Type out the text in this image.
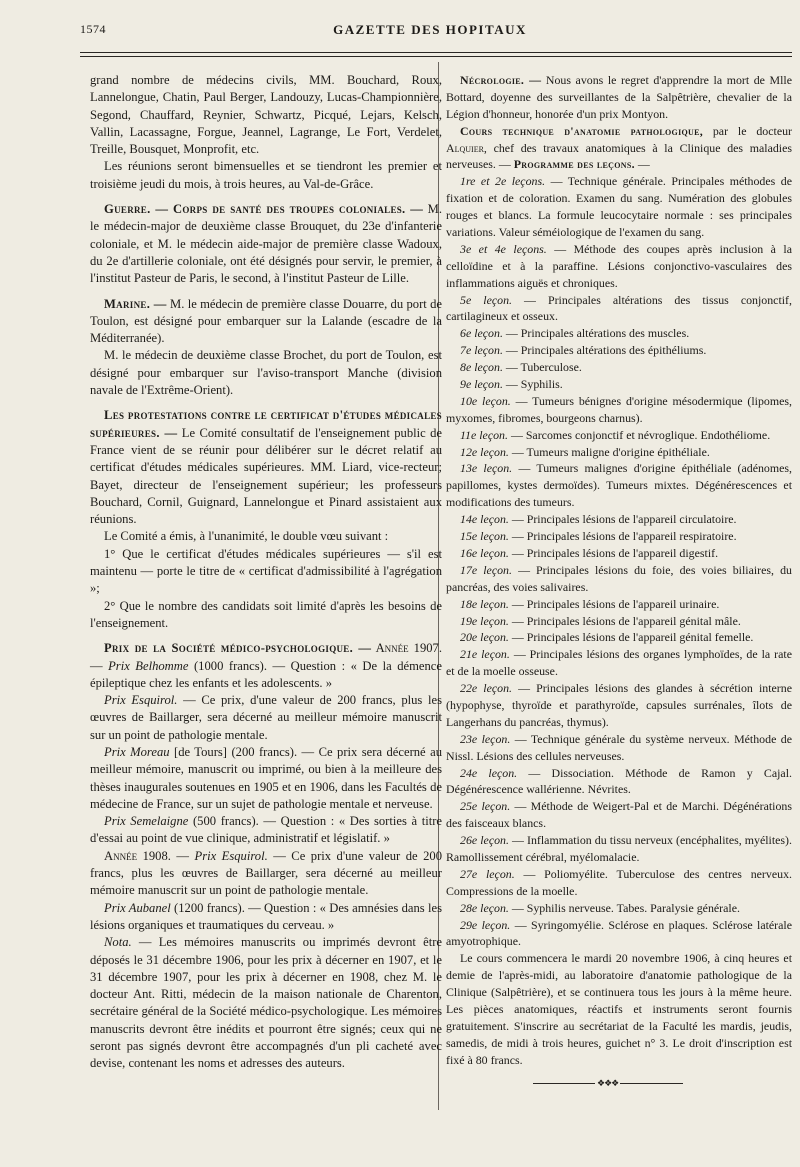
1574	GAZETTE DES HOPITAUX

grand nombre de médecins civils, MM. Bouchard, Roux, Lannelongue, Chatin, Paul Berger, Landouzy, Lucas-Championnière, Segond, Chauffard, Reynier, Schwartz, Picqué, Lejars, Kelsch, Vallin, Lacassagne, Forgue, Jeannel, Lagrange, Le Fort, Verdelet, Treille, Bousquet, Monprofit, etc.

Les réunions seront bimensuelles et se tiendront les premier et troisième jeudi du mois, à trois heures, au Val-de-Grâce.

Guerre. — Corps de santé des troupes coloniales. — M. le médecin-major de deuxième classe Brouquet, du 23e d'infanterie coloniale, et M. le médecin aide-major de première classe Wadoux, du 2e d'artillerie coloniale, ont été désignés pour servir, le premier, à l'institut Pasteur de Paris, le second, à l'institut Pasteur de Lille.

Marine. — M. le médecin de première classe Douarre, du port de Toulon, est désigné pour embarquer sur la Lalande (escadre de la Méditerranée).

M. le médecin de deuxième classe Brochet, du port de Toulon, est désigné pour embarquer sur l'aviso-transport Manche (division navale de l'Extrême-Orient).

Les protestations contre le certificat d'études médicales supérieures. — Le Comité consultatif de l'enseignement public de France vient de se réunir pour délibérer sur le décret relatif au certificat d'études médicales supérieures. MM. Liard, vice-recteur; Bayet, directeur de l'enseignement supérieur; les professeurs Bouchard, Cornil, Guignard, Lannelongue et Pinard assistaient aux réunions.

Le Comité a émis, à l'unanimité, le double vœu suivant :

1° Que le certificat d'études médicales supérieures — s'il est maintenu — porte le titre de « certificat d'admissibilité à l'agrégation »;

2° Que le nombre des candidats soit limité d'après les besoins de l'enseignement.

Prix de la Société médico-psychologique. — Année 1907. — Prix Belhomme (1000 francs). — Question : « De la démence épileptique chez les enfants et les adolescents. »

Prix Esquirol. — Ce prix, d'une valeur de 200 francs, plus les œuvres de Baillarger, sera décerné au meilleur mémoire manuscrit sur un point de pathologie mentale.

Prix Moreau [de Tours] (200 francs). — Ce prix sera décerné au meilleur mémoire, manuscrit ou imprimé, ou bien à la meilleure des thèses inaugurales soutenues en 1905 et en 1906, dans les Facultés de médecine de France, sur un sujet de pathologie mentale et nerveuse.

Prix Semelaigne (500 francs). — Question : « Des sorties à titre d'essai au point de vue clinique, administratif et législatif. »

Année 1908. — Prix Esquirol. — Ce prix d'une valeur de 200 francs, plus les œuvres de Baillarger, sera décerné au meilleur mémoire manuscrit sur un point de pathologie mentale.

Prix Aubanel (1200 francs). — Question : « Des amnésies dans les lésions organiques et traumatiques du cerveau. »

Nota. — Les mémoires manuscrits ou imprimés devront être déposés le 31 décembre 1906, pour les prix à décerner en 1907, et le 31 décembre 1907, pour les prix à décerner en 1908, chez M. le docteur Ant. Ritti, médecin de la maison nationale de Charenton, secrétaire général de la Société médico-psychologique. Les mémoires manuscrits devront être inédits et pourront être signés; ceux qui ne seront pas signés devront être accompagnés d'un pli cacheté avec devise, contenant les noms et adresses des auteurs.

Nécrologie. — Nous avons le regret d'apprendre la mort de Mlle Bottard, doyenne des surveillantes de la Salpêtrière, chevalier de la Légion d'honneur, honorée d'un prix Montyon.

Cours technique d'anatomie pathologique, par le docteur Alquier, chef des travaux anatomiques à la Clinique des maladies nerveuses. — Programme des leçons. —

1re et 2e leçons. — Technique générale. Principales méthodes de fixation et de coloration. Examen du sang. Numération des globules rouges et blancs. La formule leucocytaire normale : ses principales variations. Valeur séméiologique de l'examen du sang.

3e et 4e leçons. — Méthode des coupes après inclusion à la celloïdine et à la paraffine. Lésions conjonctivo-vasculaires des inflammations aiguës et chroniques.

5e leçon. — Principales altérations des tissus conjonctif, cartilagineux et osseux.

6e leçon. — Principales altérations des muscles.

7e leçon. — Principales altérations des épithéliums.

8e leçon. — Tuberculose.

9e leçon. — Syphilis.

10e leçon. — Tumeurs bénignes d'origine mésodermique (lipomes, myxomes, fibromes, bourgeons charnus).

11e leçon. — Sarcomes conjonctif et névroglique. Endothéliome.

12e leçon. — Tumeurs maligne d'origine épithéliale.

13e leçon. — Tumeurs malignes d'origine épithéliale (adénomes, papillomes, kystes dermoïdes). Tumeurs mixtes. Dégénérescences et modifications des tumeurs.

14e leçon. — Principales lésions de l'appareil circulatoire.

15e leçon. — Principales lésions de l'appareil respiratoire.

16e leçon. — Principales lésions de l'appareil digestif.

17e leçon. — Principales lésions du foie, des voies biliaires, du pancréas, des voies salivaires.

18e leçon. — Principales lésions de l'appareil urinaire.

19e leçon. — Principales lésions de l'appareil génital mâle.

20e leçon. — Principales lésions de l'appareil génital femelle.

21e leçon. — Principales lésions des organes lymphoïdes, de la rate et de la moelle osseuse.

22e leçon. — Principales lésions des glandes à sécrétion interne (hypophyse, thyroïde et parathyroïde, capsules surrénales, îlots de Langerhans du pancréas, thymus).

23e leçon. — Technique générale du système nerveux. Méthode de Nissl. Lésions des cellules nerveuses.

24e leçon. — Dissociation. Méthode de Ramon y Cajal. Dégénérescence wallérienne. Névrites.

25e leçon. — Méthode de Weigert-Pal et de Marchi. Dégénérations des faisceaux blancs.

26e leçon. — Inflammation du tissu nerveux (encéphalites, myélites). Ramollissement cérébral, myélomalacie.

27e leçon. — Poliomyélite. Tuberculose des centres nerveux. Compressions de la moelle.

28e leçon. — Syphilis nerveuse. Tabes. Paralysie générale.

29e leçon. — Syringomyélie. Sclérose en plaques. Sclérose latérale amyotrophique.

Le cours commencera le mardi 20 novembre 1906, à cinq heures et demie de l'après-midi, au laboratoire d'anatomie pathologique de la Clinique (Salpêtrière), et se continuera tous les jours à la même heure. Les pièces anatomiques, réactifs et instruments seront fournis gratuitement. S'inscrire au secrétariat de la Faculté les mardis, jeudis, samedis, de midi à trois heures, guichet n° 3. Le droit d'inscription est fixé à 80 francs.

❖❖❖
